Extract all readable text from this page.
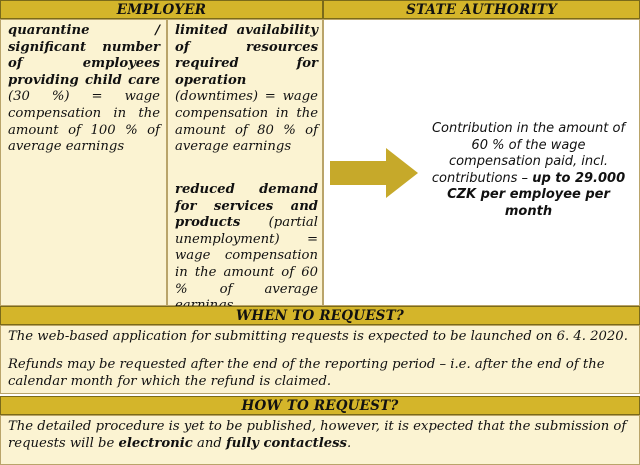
EMPLOYER	STATE AUTHORITY
quarantine / significant number of employees providing child care (30 %) = wage compensation in the amount of 100 % of average earnings
limited availability of resources required for operation (downtimes) = wage compensation in the amount of 80 % of average earnings
reduced demand for services and products (partial unemployment) = wage compensation in the amount of 60 % of average
Contribution in the amount of 60 % of the wage compensation paid, incl. contributions – up to 29.000 CZK per employee per month
WHEN TO REQUEST?
The web-based application for submitting requests is expected to be launched on 6. 4. 2020.
Refunds may be requested after the end of the reporting period – i.e. after the end of the calendar month for which the refund is claimed.
HOW TO REQUEST?
The detailed procedure is yet to be published, however, it is expected that the submission of requests will be electronic and fully contactless.
